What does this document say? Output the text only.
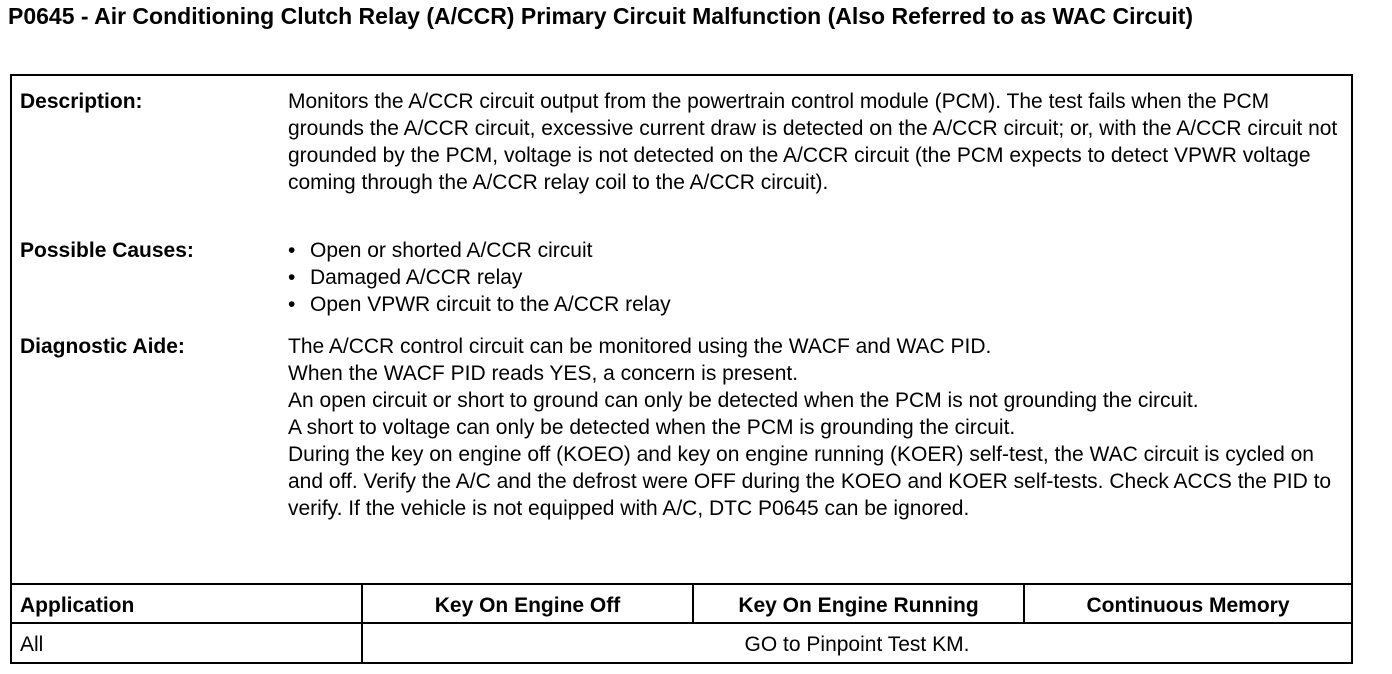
P0645 - Air Conditioning Clutch Relay (A/CCR) Primary Circuit Malfunction (Also Referred to as WAC Circuit)
Description:	Monitors the A/CCR circuit output from the powertrain control module (PCM). The test fails when the PCM grounds the A/CCR circuit, excessive current draw is detected on the A/CCR circuit; or, with the A/CCR circuit not grounded by the PCM, voltage is not detected on the A/CCR circuit (the PCM expects to detect VPWR voltage coming through the A/CCR relay coil to the A/CCR circuit).
Possible Causes:	• Open or shorted A/CCR circuit
• Damaged A/CCR relay
• Open VPWR circuit to the A/CCR relay
Diagnostic Aide:	The A/CCR control circuit can be monitored using the WACF and WAC PID.

When the WACF PID reads YES, a concern is present.

An open circuit or short to ground can only be detected when the PCM is not grounding the circuit.

A short to voltage can only be detected when the PCM is grounding the circuit.

During the key on engine off (KOEO) and key on engine running (KOER) self-test, the WAC circuit is cycled on and off. Verify the A/C and the defrost were OFF during the KOEO and KOER self-tests. Check ACCS the PID to verify. If the vehicle is not equipped with A/C, DTC P0645 can be ignored.

Application	Key On Engine Off	Key On Engine Running	Continuous Memory
All	GO to Pinpoint Test KM.
